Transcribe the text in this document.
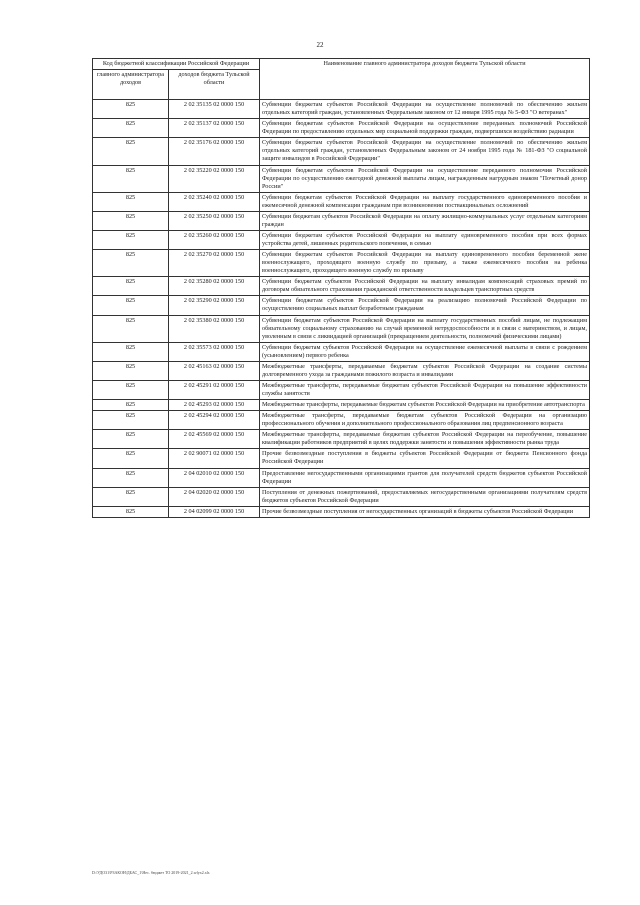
22
Код бюджетной классификации Российской Федерации		Наименование главного администратора доходов бюджета Тульской области
главного администратора доходов	доходов бюджета Тульской области	
825	2 02 35135 02 0000 150	Субвенции бюджетам субъектов Российской Федерации на осуществление полномочий по обеспечению жильем отдельных категорий граждан, установленных Федеральным законом от 12 января 1995 года № 5-ФЗ "О ветеранах"
825	2 02 35137 02 0000 150	Субвенции бюджетам субъектов Российской Федерации на осуществление переданных полномочий Российской Федерации по предоставлению отдельных мер социальной поддержки граждан, подвергшихся воздействию радиации
825	2 02 35176 02 0000 150	Субвенции бюджетам субъектов Российской Федерации на осуществление полномочий по обеспечению жильем отдельных категорий граждан, установленных Федеральным законом от 24 ноября 1995 года № 181-ФЗ "О социальной защите инвалидов в Российской Федерации"
825	2 02 35220 02 0000 150	Субвенции бюджетам субъектов Российской Федерации на осуществление переданного полномочия Российской Федерации по осуществлению ежегодной денежной выплаты лицам, награжденным нагрудным знаком "Почетный донор России"
825	2 02 35240 02 0000 150	Субвенции бюджетам субъектов Российской Федерации на выплату государственного единовременного пособия и ежемесячной денежной компенсации гражданам при возникновении поствакцинальных осложнений
825	2 02 35250 02 0000 150	Субвенции бюджетам субъектов Российской Федерации на оплату жилищно-коммунальных услуг отдельным категориям граждан
825	2 02 35260 02 0000 150	Субвенции бюджетам субъектов Российской Федерации на выплату единовременного пособия при всех формах устройства детей, лишенных родительского попечения, в семью
825	2 02 35270 02 0000 150	Субвенции бюджетам субъектов Российской Федерации на выплату единовременного пособия беременной жене военнослужащего, проходящего военную службу по призыву, а также ежемесячного пособия на ребенка военнослужащего, проходящего военную службу по призыву
825	2 02 35280 02 0000 150	Субвенции бюджетам субъектов Российской Федерации на выплату инвалидам компенсаций страховых премий по договорам обязательного страхования гражданской ответственности владельцев транспортных средств
825	2 02 35290 02 0000 150	Субвенции бюджетам субъектов Российской Федерации на реализацию полномочий Российской Федерации по осуществлению социальных выплат безработным гражданам
825	2 02 35380 02 0000 150	Субвенции бюджетам субъектов Российской Федерации на выплату государственных пособий лицам, не подлежащим обязательному социальному страхованию на случай временной нетрудоспособности и в связи с материнством, и лицам, уволенным в связи с ликвидацией организаций (прекращением деятельности, полномочий физическими лицами)
825	2 02 35573 02 0000 150	Субвенции бюджетам субъектов Российской Федерации на осуществление ежемесячной выплаты в связи с рождением (усыновлением) первого ребенка
825	2 02 45163 02 0000 150	Межбюджетные трансферты, передаваемые бюджетам субъектов Российской Федерации на создание системы долговременного ухода за гражданами пожилого возраста и инвалидами
825	2 02 45291 02 0000 150	Межбюджетные трансферты, передаваемые бюджетам субъектов Российской Федерации на повышение эффективности службы занятости
825	2 02 45293 02 0000 150	Межбюджетные трансферты, передаваемые бюджетам субъектов Российской Федерации на приобретение автотранспорта
825	2 02 45294 02 0000 150	Межбюджетные трансферты, передаваемые бюджетам субъектов Российской Федерации на организацию профессионального обучения и дополнительного профессионального образования лиц предпенсионного возраста
825	2 02 45569 02 0000 150	Межбюджетные трансферты, передаваемые бюджетам субъектов Российской Федерации на переобучение, повышение квалификации работников предприятий в целях поддержки занятости и повышения эффективности рынка труда
825	2 02 90071 02 0000 150	Прочие безвозмездные поступления в бюджеты субъектов Российской Федерации от бюджета Пенсионного фонда Российской Федерации
825	2 04 02010 02 0000 150	Предоставление негосударственными организациями грантов для получателей средств бюджетов субъектов Российской Федерации
825	2 04 02020 02 0000 150	Поступления от денежных пожертвований, предоставляемых негосударственными организациями получателям средств бюджетов субъектов Российской Федерации
825	2 04 02099 02 0000 150	Прочие безвозмездные поступления от негосударственных организаций в бюджеты субъектов Российской Федерации
D:\УДО31\РЗАКОН\ДБАС_1\Нес. бюджет ТО 2019-2021_2.wfyx2.xls
